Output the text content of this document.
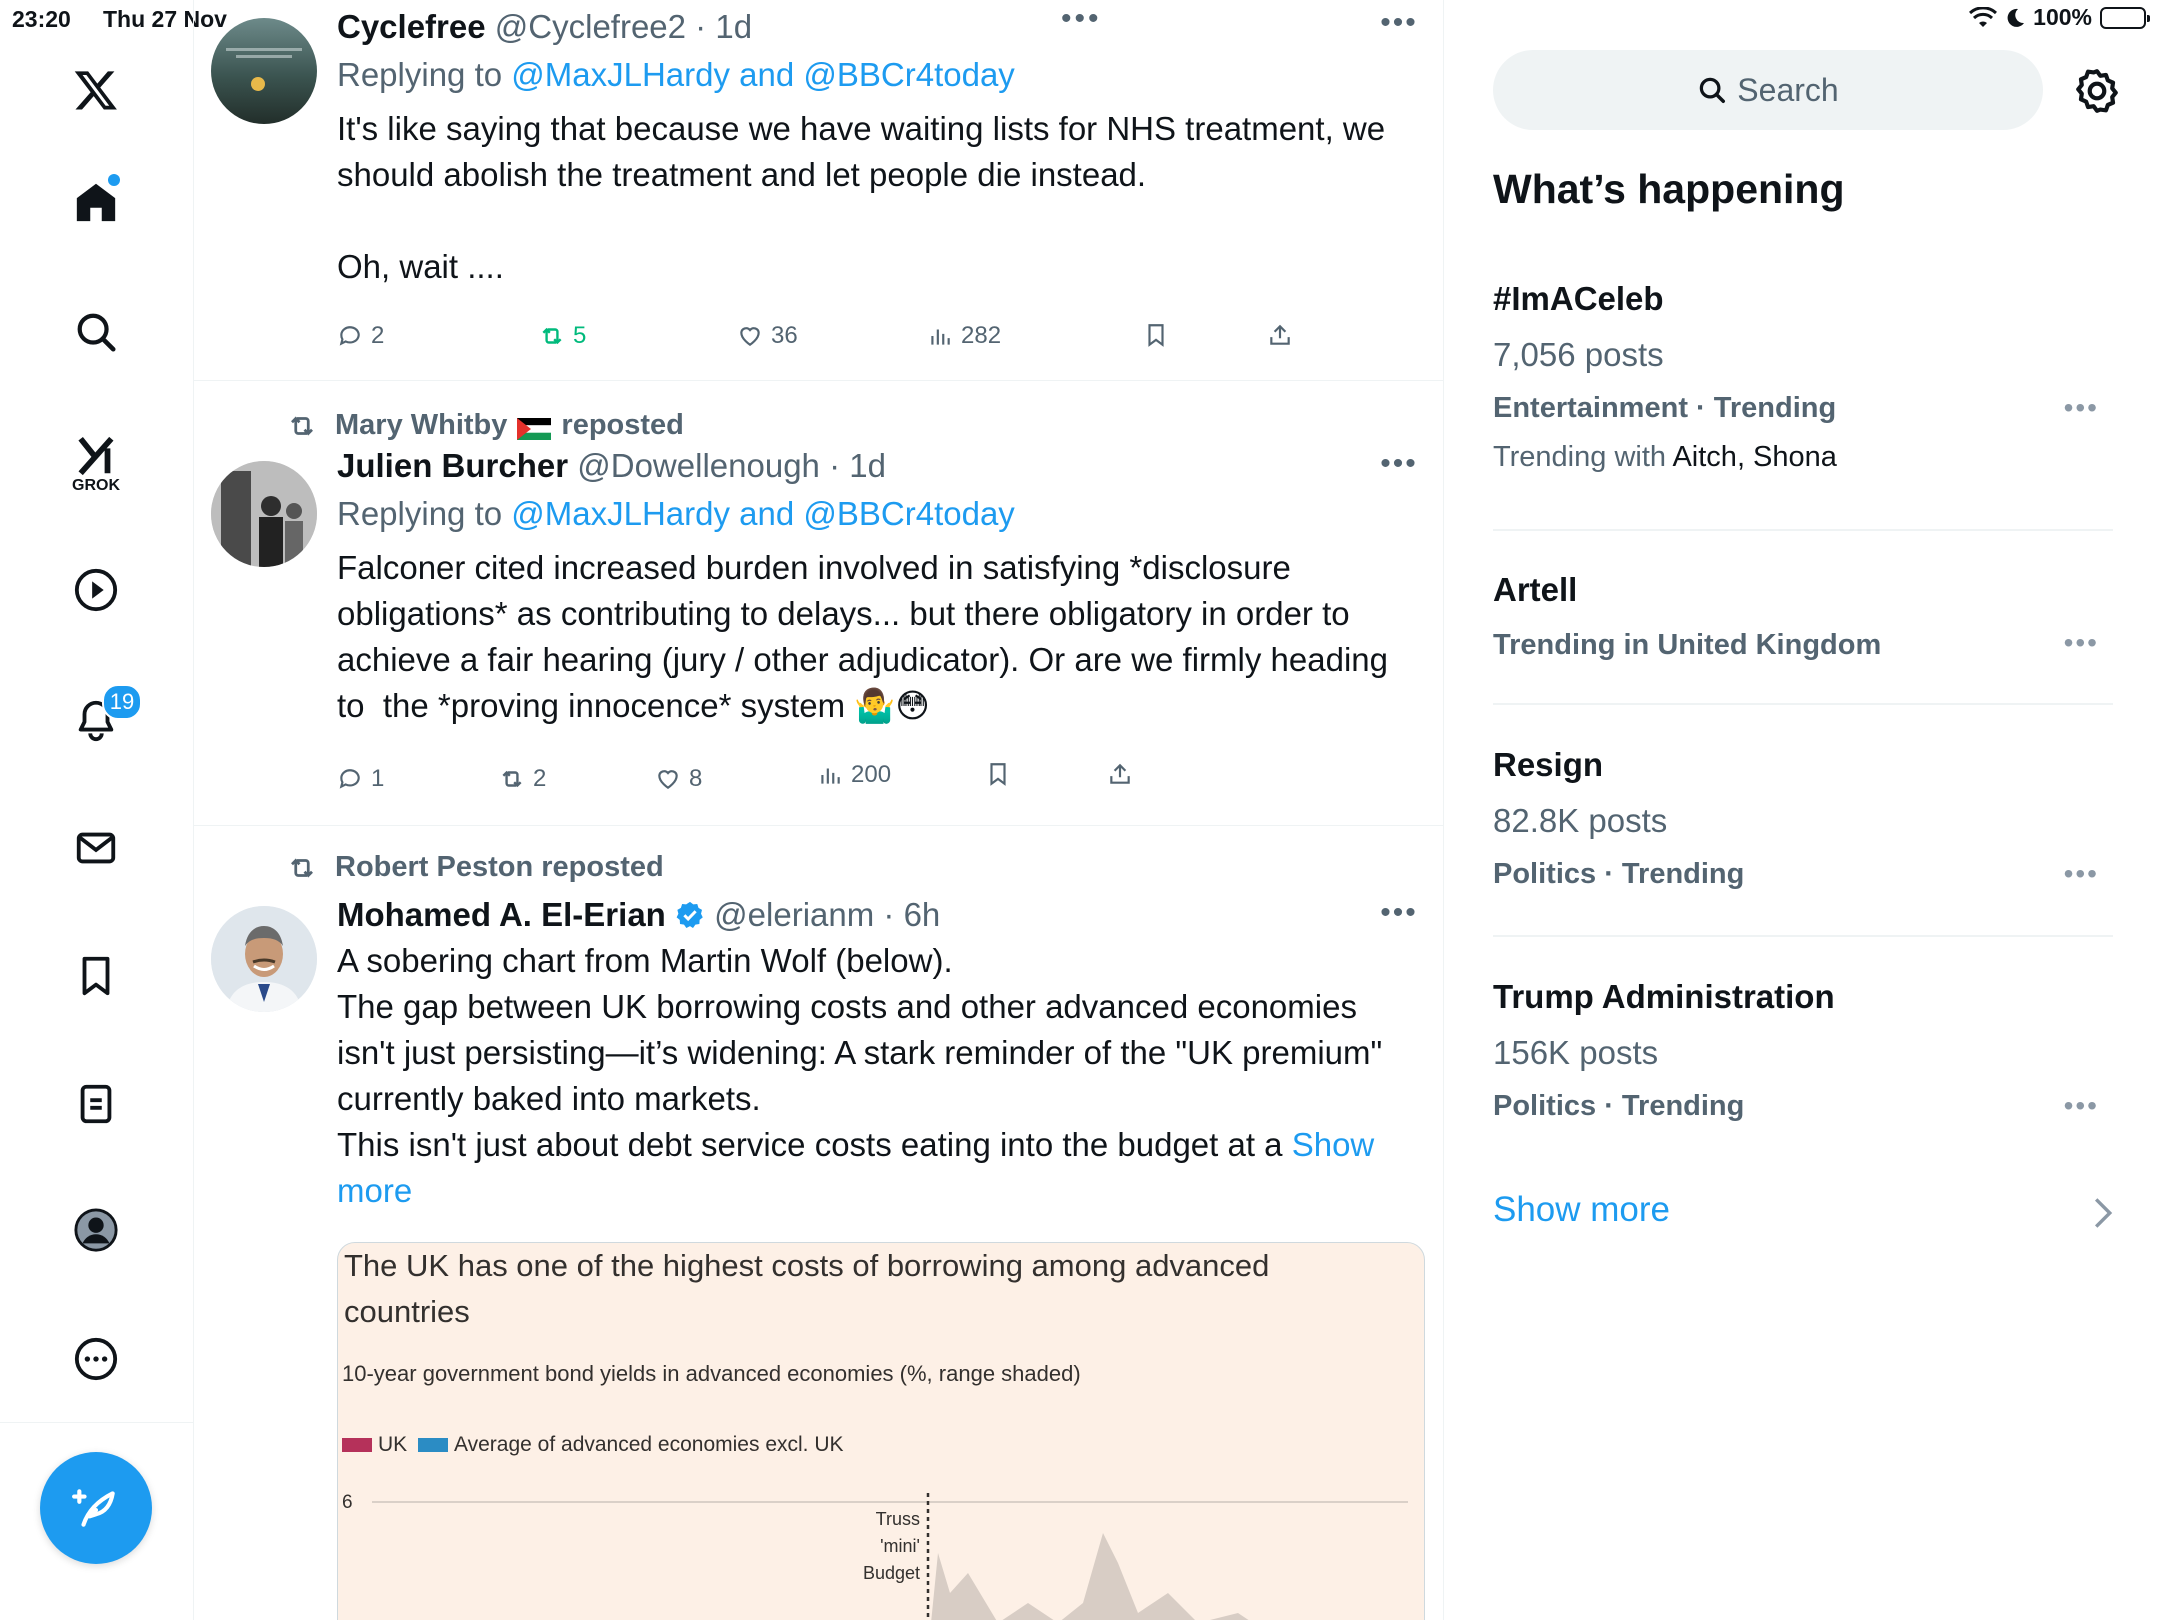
23:20 Thu 27 Nov	100%
GROK
19
•••
Cyclefree @Cyclefree2 · 1d
Replying to @MaxJLHardy and @BBCr4today
It's like saying that because we have waiting lists for NHS treatment, we should abolish the treatment and let people die instead.

Oh, wait ....
•••
2	5	36	282
Mary Whitby reposted
Julien Burcher @Dowellenough · 1d
Replying to @MaxJLHardy and @BBCr4today
Falconer cited increased burden involved in satisfying *disclosure obligations* as contributing to delays... but there obligatory in order to achieve a fair hearing (jury / other adjudicator). Or are we firmly heading to  the *proving innocence* system 🤷‍♂️😳
•••
1	2	8	200
Robert Peston reposted
Mohamed A. El-Erian @elerianm · 6h
A sobering chart from Martin Wolf (below).
The gap between UK borrowing costs and other advanced economies isn't just persisting—it’s widening: A stark reminder of the "UK premium" currently baked into markets.
This isn't just about debt service costs eating into the budget at a Show more
•••
The UK has one of the highest costs of borrowing among advanced countries
10-year government bond yields in advanced economies (%, range shaded)
UK Average of advanced economies excl. UK
6
Truss
'mini'
Budget
Search
What’s happening
#ImACeleb
7,056 posts
Entertainment · Trending
Trending with Aitch, Shona
•••
Artell
Trending in United Kingdom	•••
Resign
82.8K posts
Politics · Trending	•••
Trump Administration
156K posts
Politics · Trending	•••
Show more
